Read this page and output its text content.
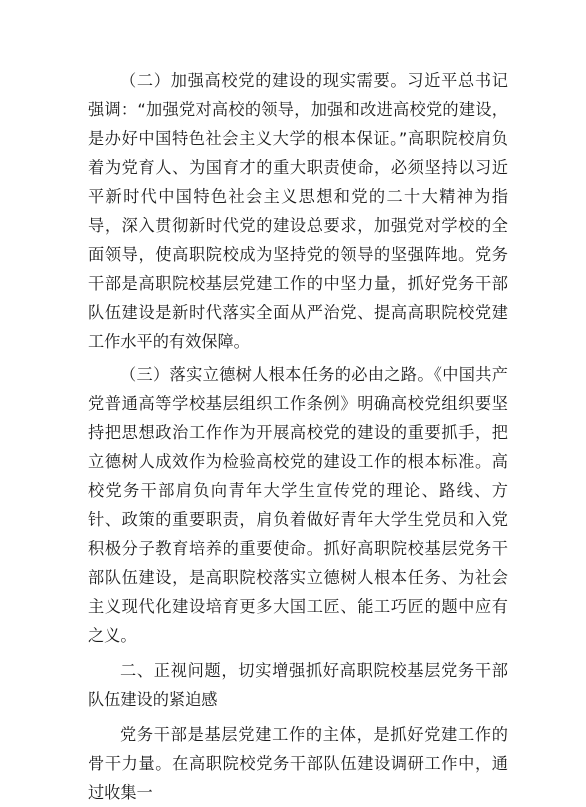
（二）加强高校党的建设的现实需要。习近平总书记强调：“加强党对高校的领导，加强和改进高校党的建设，是办好中国特色社会主义大学的根本保证。”高职院校肩负着为党育人、为国育才的重大职责使命，必须坚持以习近平新时代中国特色社会主义思想和党的二十大精神为指导，深入贯彻新时代党的建设总要求，加强党对学校的全面领导，使高职院校成为坚持党的领导的坚强阵地。党务干部是高职院校基层党建工作的中坚力量，抓好党务干部队伍建设是新时代落实全面从严治党、提高高职院校党建工作水平的有效保障。

（三）落实立德树人根本任务的必由之路。《中国共产党普通高等学校基层组织工作条例》明确高校党组织要坚持把思想政治工作作为开展高校党的建设的重要抓手，把立德树人成效作为检验高校党的建设工作的根本标准。高校党务干部肩负向青年大学生宣传党的理论、路线、方针、政策的重要职责，肩负着做好青年大学生党员和入党积极分子教育培养的重要使命。抓好高职院校基层党务干部队伍建设，是高职院校落实立德树人根本任务、为社会主义现代化建设培育更多大国工匠、能工巧匠的题中应有之义。

二、正视问题，切实增强抓好高职院校基层党务干部队伍建设的紧迫感

党务干部是基层党建工作的主体，是抓好党建工作的骨干力量。在高职院校党务干部队伍建设调研工作中，通过收集一
